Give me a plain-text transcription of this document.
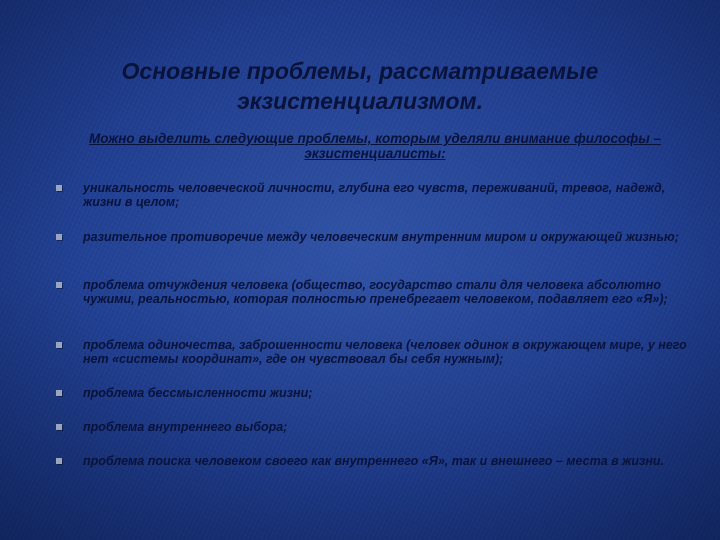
Основные проблемы, рассматриваемые экзистенциализмом.
Можно выделить следующие проблемы, которым уделяли внимание философы – экзистенциалисты:
уникальность человеческой личности, глубина его чувств, переживаний, тревог, надежд, жизни в целом;
разительное противоречие между человеческим внутренним миром и окружающей жизнью;
проблема отчуждения человека (общество, государство стали для человека абсолютно чужими, реальностью, которая полностью пренебрегает человеком, подавляет его «Я»);
проблема одиночества, заброшенности человека (человек одинок в окружающем мире, у него нет «системы координат», где он чувствовал бы себя нужным);
проблема бессмысленности жизни;
проблема внутреннего выбора;
проблема поиска человеком своего как внутреннего «Я», так и внешнего – места в жизни.
